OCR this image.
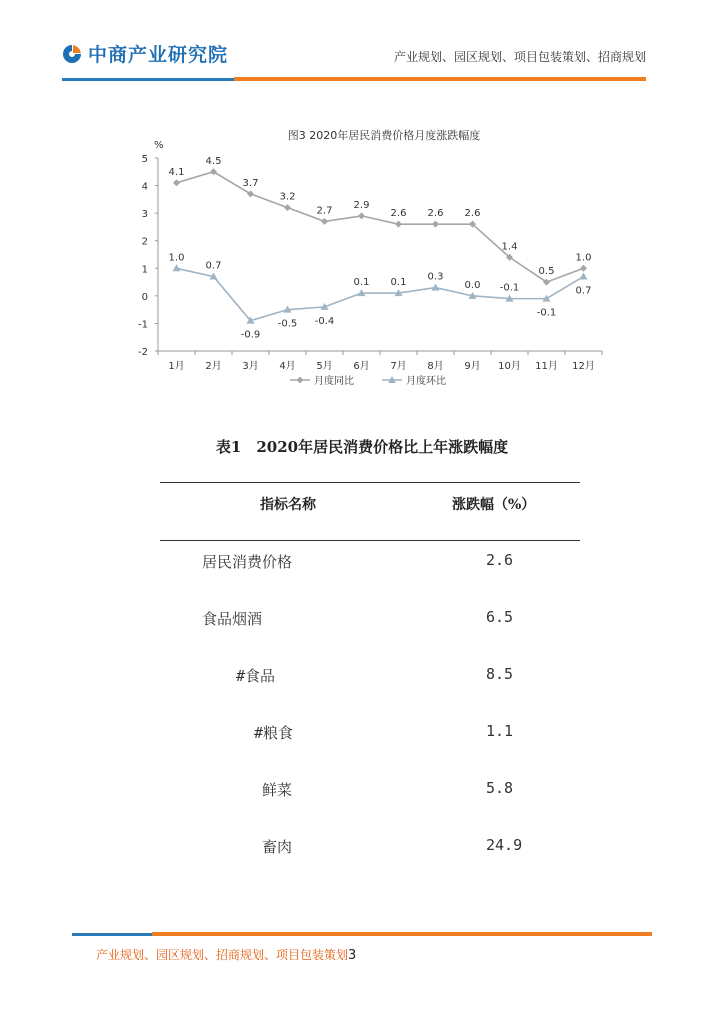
中商产业研究院	产业规划、园区规划、项目包装策划、招商规划
图3 2020年居民消费价格月度涨跌幅度
%
5
4
3
2
1
0
-1
-2
1月 2月 3月 4月 5月 6月 7月 8月 9月 10月 11月 12月
4.1
4.5
3.7
3.2
2.7
2.9
2.6 2.6 2.6
1.4
0.5
1.0
1.0
0.7
-0.9
-0.5 -0.4
0.1 0.1
0.3
0.0 -0.1
-0.1
0.7
月度同比	月度环比
表1　2020年居民消费价格比上年涨跌幅度
指标名称	涨跌幅（%）
居民消费价格	2.6
食品烟酒	6.5
#食品	8.5
#粮食	1.1
鲜菜	5.8
畜肉	24.9
产业规划、园区规划、招商规划、项目包装策划3
